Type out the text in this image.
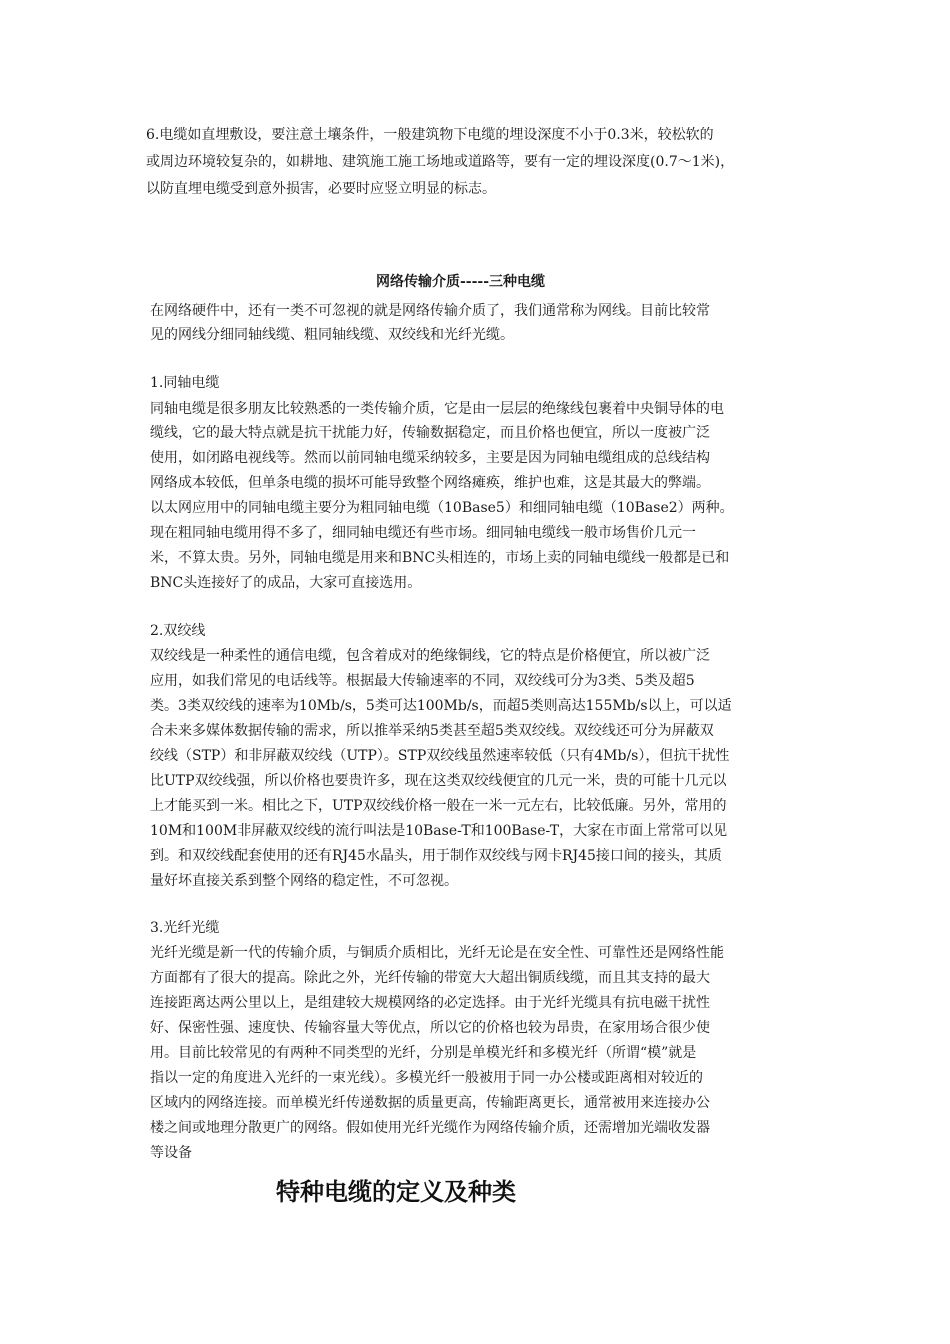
6.电缆如直埋敷设，要注意土壤条件，一般建筑物下电缆的埋设深度不小于0.3米，较松软的
或周边环境较复杂的，如耕地、建筑施工施工场地或道路等，要有一定的埋设深度(0.7～1米)，
以防直埋电缆受到意外损害，必要时应竖立明显的标志。
网络传输介质-----三种电缆
在网络硬件中，还有一类不可忽视的就是网络传输介质了，我们通常称为网线。目前比较常
见的网线分细同轴线缆、粗同轴线缆、双绞线和光纤光缆。
1.同轴电缆
同轴电缆是很多朋友比较熟悉的一类传输介质，它是由一层层的绝缘线包裹着中央铜导体的电
缆线，它的最大特点就是抗干扰能力好，传输数据稳定，而且价格也便宜，所以一度被广泛
使用，如闭路电视线等。然而以前同轴电缆采纳较多，主要是因为同轴电缆组成的总线结构
网络成本较低，但单条电缆的损坏可能导致整个网络瘫痪，维护也难，这是其最大的弊端。
以太网应用中的同轴电缆主要分为粗同轴电缆（10Base5）和细同轴电缆（10Base2）两种。
现在粗同轴电缆用得不多了，细同轴电缆还有些市场。细同轴电缆线一般市场售价几元一
米，不算太贵。另外，同轴电缆是用来和BNC头相连的，市场上卖的同轴电缆线一般都是已和
BNC头连接好了的成品，大家可直接选用。
2.双绞线
双绞线是一种柔性的通信电缆，包含着成对的绝缘铜线，它的特点是价格便宜，所以被广泛
应用，如我们常见的电话线等。根据最大传输速率的不同，双绞线可分为3类、5类及超5
类。3类双绞线的速率为10Mb/s，5类可达100Mb/s，而超5类则高达155Mb/s以上，可以适
合未来多媒体数据传输的需求，所以推举采纳5类甚至超5类双绞线。双绞线还可分为屏蔽双
绞线（STP）和非屏蔽双绞线（UTP）。STP双绞线虽然速率较低（只有4Mb/s），但抗干扰性
比UTP双绞线强，所以价格也要贵许多，现在这类双绞线便宜的几元一米，贵的可能十几元以
上才能买到一米。相比之下，UTP双绞线价格一般在一米一元左右，比较低廉。另外，常用的
10M和100M非屏蔽双绞线的流行叫法是10Base-T和100Base-T，大家在市面上常常可以见
到。和双绞线配套使用的还有RJ45水晶头，用于制作双绞线与网卡RJ45接口间的接头，其质
量好坏直接关系到整个网络的稳定性，不可忽视。
3.光纤光缆
光纤光缆是新一代的传输介质，与铜质介质相比，光纤无论是在安全性、可靠性还是网络性能
方面都有了很大的提高。除此之外，光纤传输的带宽大大超出铜质线缆，而且其支持的最大
连接距离达两公里以上，是组建较大规模网络的必定选择。由于光纤光缆具有抗电磁干扰性
好、保密性强、速度快、传输容量大等优点，所以它的价格也较为昂贵，在家用场合很少使
用。目前比较常见的有两种不同类型的光纤，分别是单模光纤和多模光纤（所谓“模”就是
指以一定的角度进入光纤的一束光线）。多模光纤一般被用于同一办公楼或距离相对较近的
区域内的网络连接。而单模光纤传递数据的质量更高，传输距离更长，通常被用来连接办公
楼之间或地理分散更广的网络。假如使用光纤光缆作为网络传输介质，还需增加光端收发器
等设备
特种电缆的定义及种类
